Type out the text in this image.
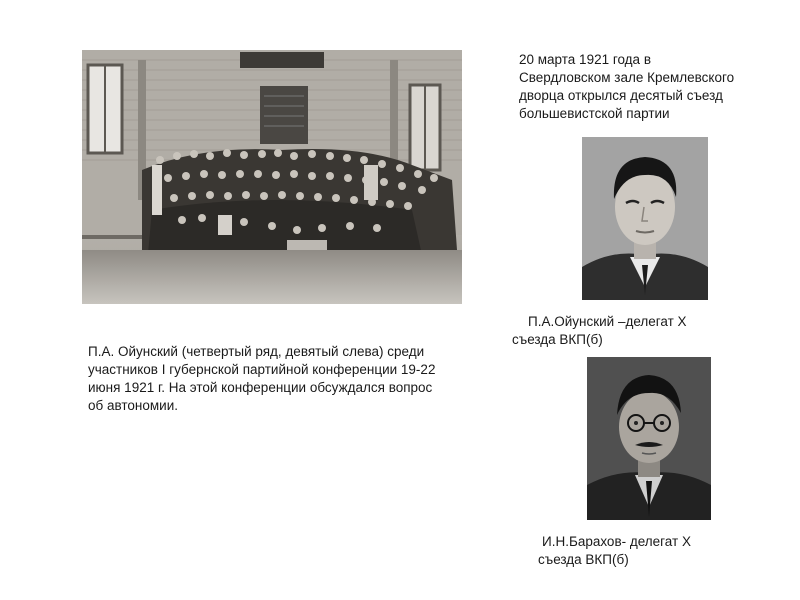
20 марта 1921 года в
Свердловском зале Кремлевского
дворца открылся десятый съезд
большевистской партии
П.А. Ойунский (четвертый ряд, девятый слева) среди
участников I губернской партийной конференции 19-22
июня 1921 г. На этой конференции обсуждался вопрос
об автономии.
П.А.Ойунский –делегат X
съезда ВКП(б)
И.Н.Барахов- делегат X
съезда ВКП(б)
